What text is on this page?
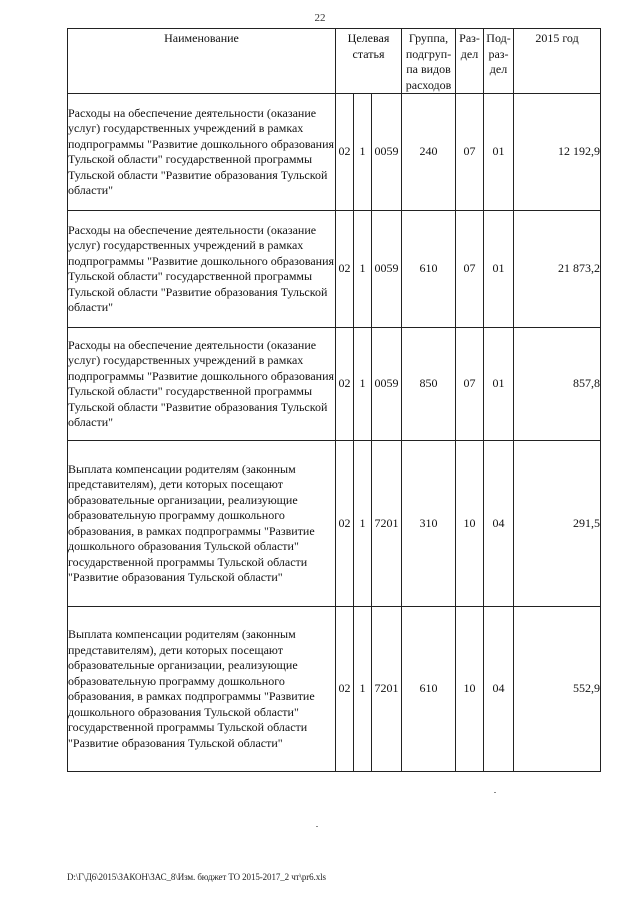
22
Наименование	Целевая статья			Группа, подгруп-па видов расходов	Раз-дел	Под-раз-дел	2015 год
Расходы на обеспечение деятельности (оказание услуг) государственных учреждений в рамках подпрограммы "Развитие дошкольного образования Тульской области" государственной программы Тульской области "Развитие образования Тульской области"	02	1	0059	240	07	01	12 192,9
Расходы на обеспечение деятельности (оказание услуг) государственных учреждений в рамках подпрограммы "Развитие дошкольного образования Тульской области" государственной программы Тульской области "Развитие образования Тульской области"	02	1	0059	610	07	01	21 873,2
Расходы на обеспечение деятельности (оказание услуг) государственных учреждений в рамках подпрограммы "Развитие дошкольного образования Тульской области" государственной программы Тульской области "Развитие образования Тульской области"	02	1	0059	850	07	01	857,8
Выплата компенсации родителям (законным представителям), дети которых посещают образовательные организации, реализующие образовательную программу дошкольного образования, в рамках подпрограммы "Развитие дошкольного образования Тульской области" государственной программы Тульской области "Развитие образования Тульской области"	02	1	7201	310	10	04	291,5
Выплата компенсации родителям (законным представителям), дети которых посещают образовательные организации, реализующие образовательную программу дошкольного образования, в рамках подпрограммы "Развитие дошкольного образования Тульской области" государственной программы Тульской области "Развитие образования Тульской области"	02	1	7201	610	10	04	552,9
D:\Г\Д6\2015\ЗАКОН\ЗАС_8\Изм. бюджет ТО 2015-2017_2 чт\pr6.xls
